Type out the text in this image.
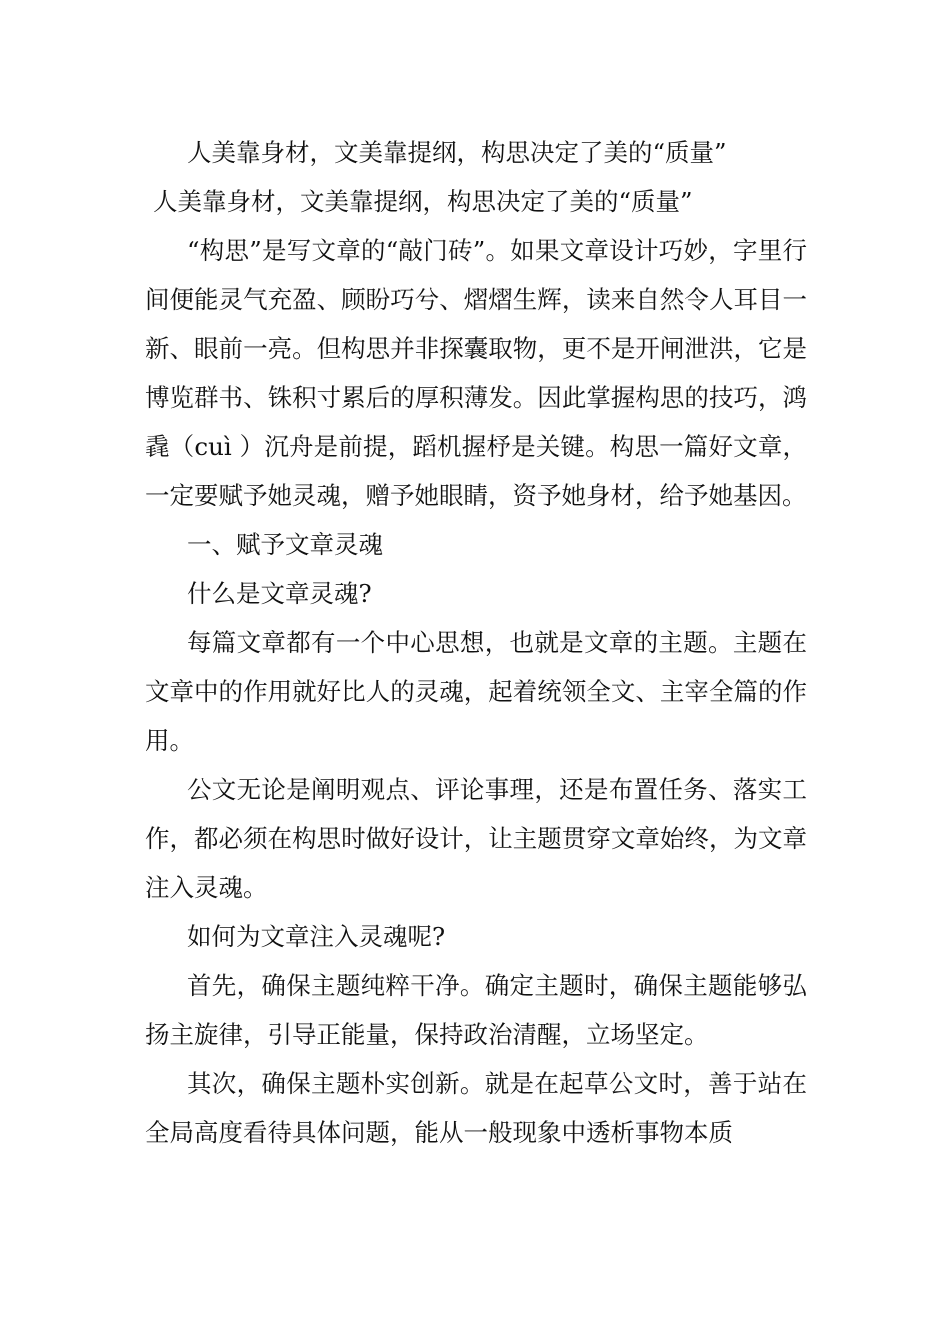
人美靠身材，文美靠提纲，构思决定了美的“质量”

人美靠身材，文美靠提纲，构思决定了美的“质量”

“构思”是写文章的“敲门砖”。如果文章设计巧妙，字里行间便能灵气充盈、顾盼巧兮、熠熠生辉，读来自然令人耳目一新、眼前一亮。但构思并非探囊取物，更不是开闸泄洪，它是博览群书、铢积寸累后的厚积薄发。因此掌握构思的技巧，鸿毳（cuì ）沉舟是前提，蹈机握杼是关键。构思一篇好文章，一定要赋予她灵魂，赠予她眼睛，资予她身材，给予她基因。

一、赋予文章灵魂

什么是文章灵魂?

每篇文章都有一个中心思想，也就是文章的主题。主题在文章中的作用就好比人的灵魂，起着统领全文、主宰全篇的作用。

公文无论是阐明观点、评论事理，还是布置任务、落实工作，都必须在构思时做好设计，让主题贯穿文章始终，为文章注入灵魂。

如何为文章注入灵魂呢?

首先，确保主题纯粹干净。确定主题时，确保主题能够弘扬主旋律，引导正能量，保持政治清醒，立场坚定。

其次，确保主题朴实创新。就是在起草公文时，善于站在全局高度看待具体问题，能从一般现象中透析事物本质
